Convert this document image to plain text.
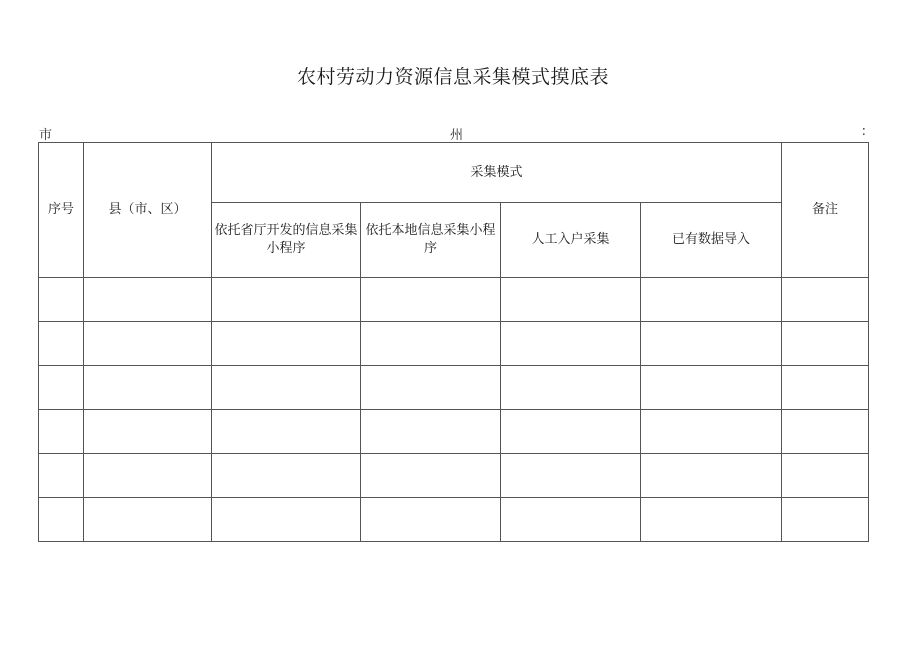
农村劳动力资源信息采集模式摸底表
市	州	:
序号	县（市、区）	采集模式				备注
		依托省厅开发的信息采集小程序	依托本地信息采集小程序	人工入户采集	已有数据导入	
